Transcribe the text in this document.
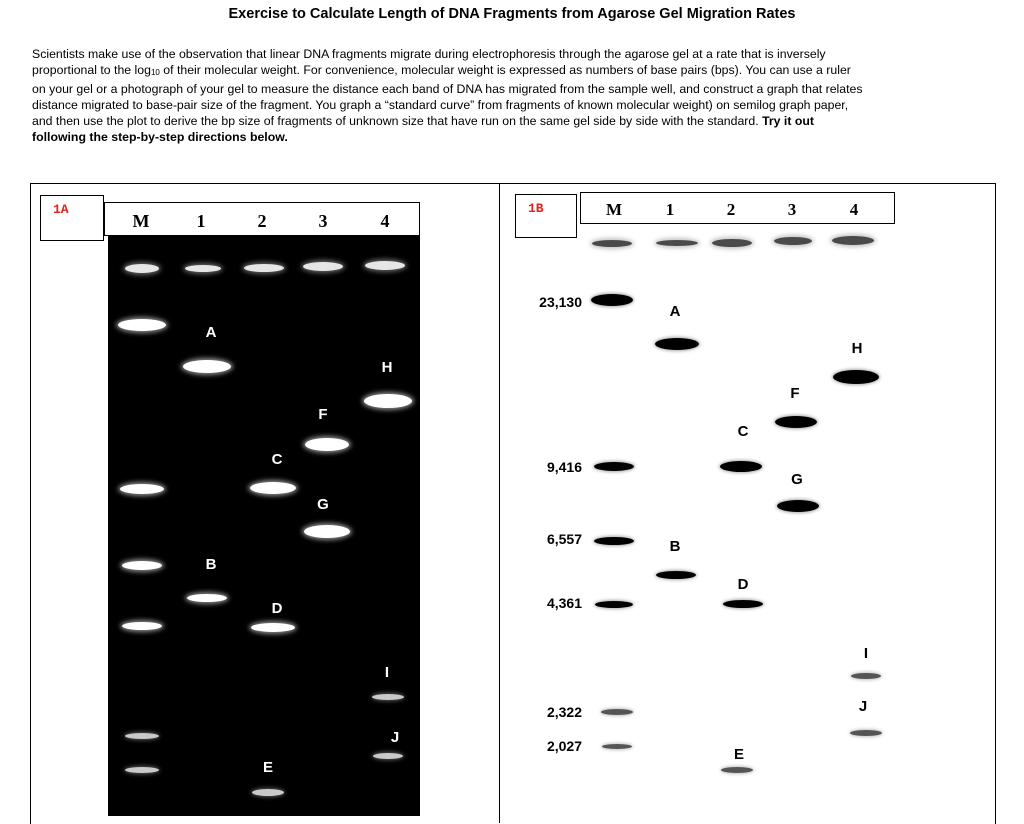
Exercise to Calculate Length of DNA Fragments from Agarose Gel Migration Rates
Scientists make use of the observation that linear DNA fragments migrate during electrophoresis through the agarose gel at a rate that is inversely
proportional to the $\log_{10}$ of their molecular weight. For convenience, molecular weight is expressed as numbers of base pairs (bps). You can use a ruler
on your gel or a photograph of your gel to measure the distance each band of DNA has migrated from the sample well, and construct a graph that relates
distance migrated to base-pair size of the fragment. You graph a “standard curve” from fragments of known molecular weight) on semilog graph paper,
and then use the plot to derive the bp size of fragments of unknown size that have run on the same gel side by side with the standard. Try it out
following the step-by-step directions below.
1A
M	1	2	3	4
A
B
C
D
E
F
G
H
I
J
1B	M	1	2	3	4
A
B
C
D
E
F
G
H
I
J
23,130
9,416
6,557
4,361
2,322
2,027
